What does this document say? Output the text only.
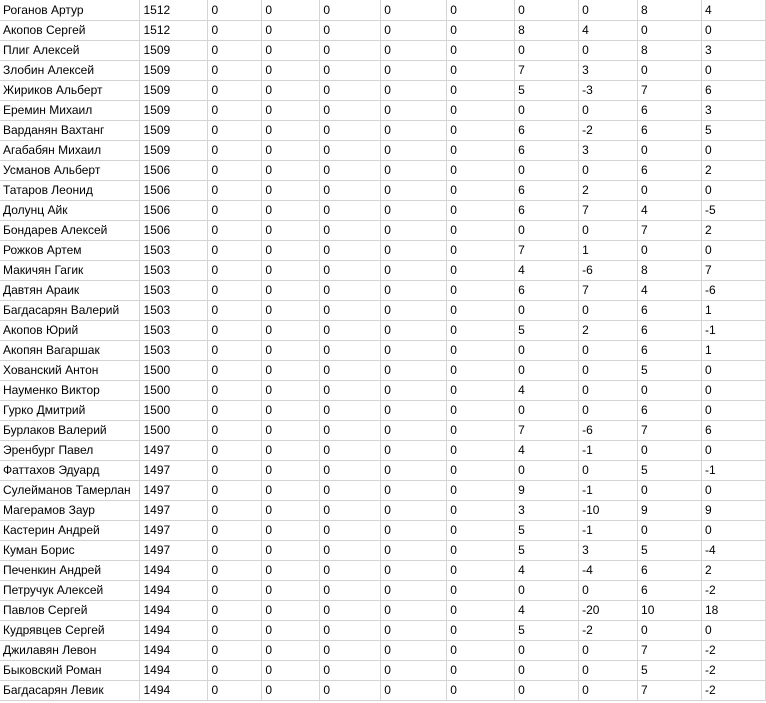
Роганов Артур	1512	0	0	0	0	0	0	0	8	4
Акопов Сергей	1512	0	0	0	0	0	8	4	0	0
Плиг Алексей	1509	0	0	0	0	0	0	0	8	3
Злобин Алексей	1509	0	0	0	0	0	7	3	0	0
Жириков Альберт	1509	0	0	0	0	0	5	-3	7	6
Еремин Михаил	1509	0	0	0	0	0	0	0	6	3
Варданян Вахтанг	1509	0	0	0	0	0	6	-2	6	5
Агабабян Михаил	1509	0	0	0	0	0	6	3	0	0
Усманов Альберт	1506	0	0	0	0	0	0	0	6	2
Татаров Леонид	1506	0	0	0	0	0	6	2	0	0
Долунц Айк	1506	0	0	0	0	0	6	7	4	-5
Бондарев Алексей	1506	0	0	0	0	0	0	0	7	2
Рожков Артем	1503	0	0	0	0	0	7	1	0	0
Макичян Гагик	1503	0	0	0	0	0	4	-6	8	7
Давтян Араик	1503	0	0	0	0	0	6	7	4	-6
Багдасарян Валерий	1503	0	0	0	0	0	0	0	6	1
Акопов Юрий	1503	0	0	0	0	0	5	2	6	-1
Акопян Вагаршак	1503	0	0	0	0	0	0	0	6	1
Хованский Антон	1500	0	0	0	0	0	0	0	5	0
Науменко Виктор	1500	0	0	0	0	0	4	0	0	0
Гурко Дмитрий	1500	0	0	0	0	0	0	0	6	0
Бурлаков Валерий	1500	0	0	0	0	0	7	-6	7	6
Эренбург Павел	1497	0	0	0	0	0	4	-1	0	0
Фаттахов Эдуард	1497	0	0	0	0	0	0	0	5	-1
Сулейманов Тамерлан	1497	0	0	0	0	0	9	-1	0	0
Магерамов Заур	1497	0	0	0	0	0	3	-10	9	9
Кастерин Андрей	1497	0	0	0	0	0	5	-1	0	0
Куман Борис	1497	0	0	0	0	0	5	3	5	-4
Печенкин Андрей	1494	0	0	0	0	0	4	-4	6	2
Петручук Алексей	1494	0	0	0	0	0	0	0	6	-2
Павлов Сергей	1494	0	0	0	0	0	4	-20	10	18
Кудрявцев Сергей	1494	0	0	0	0	0	5	-2	0	0
Джилавян Левон	1494	0	0	0	0	0	0	0	7	-2
Быковский Роман	1494	0	0	0	0	0	0	0	5	-2
Багдасарян Левик	1494	0	0	0	0	0	0	0	7	-2
